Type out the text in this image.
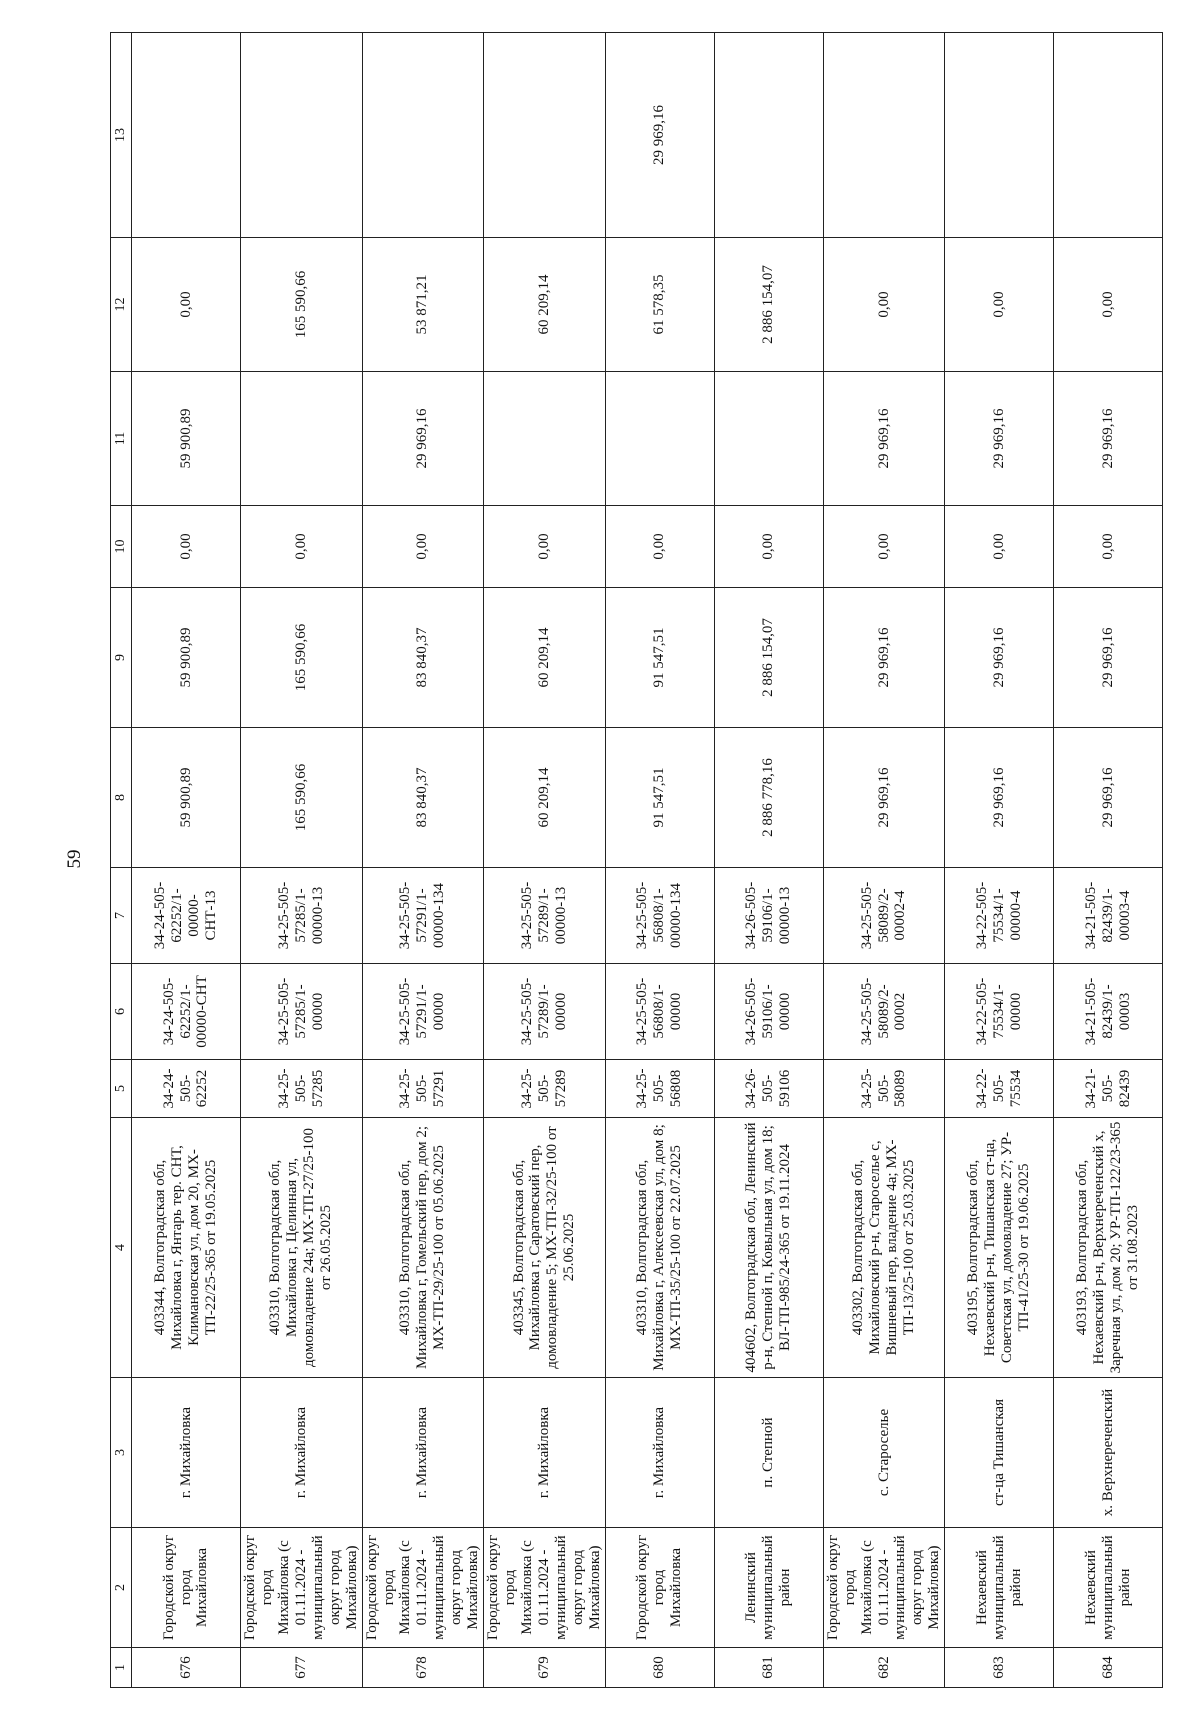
59
1	2	3	4	5	6	7	8	9	10	11	12	13
676	Городской округ город Михайловка	г. Михайловка	403344, Волгоградская обл, Михайловка г, Янтарь тер. СНТ, Климановская ул, дом 20, МХ-ТП-22/25-365 от 19.05.2025	34-24-505-62252	34-24-505-62252/1-00000-СНТ	34-24-505-62252/1-00000-СНТ-13	59 900,89	59 900,89	0,00	59 900,89	0,00	
677	Городской округ город Михайловка (с 01.11.2024 - муниципальный округ город Михайловка)	г. Михайловка	403310, Волгоградская обл, Михайловка г, Целинная ул, домовладение 24а; МХ-ТП-27/25-100 от 26.05.2025	34-25-505-57285	34-25-505-57285/1-00000	34-25-505-57285/1-00000-13	165 590,66	165 590,66	0,00		165 590,66	
678	Городской округ город Михайловка (с 01.11.2024 - муниципальный округ город Михайловка)	г. Михайловка	403310, Волгоградская обл, Михайловка г, Гомельский пер, дом 2; МХ-ТП-29/25-100 от 05.06.2025	34-25-505-57291	34-25-505-57291/1-00000	34-25-505-57291/1-00000-134	83 840,37	83 840,37	0,00	29 969,16	53 871,21	
679	Городской округ город Михайловка (с 01.11.2024 - муниципальный округ город Михайловка)	г. Михайловка	403345, Волгоградская обл, Михайловка г, Саратовский пер, домовладение 5; МХ-ТП-32/25-100 от 25.06.2025	34-25-505-57289	34-25-505-57289/1-00000	34-25-505-57289/1-00000-13	60 209,14	60 209,14	0,00		60 209,14	
680	Городской округ город Михайловка	г. Михайловка	403310, Волгоградская обл, Михайловка г, Алексеевская ул, дом 8; МХ-ТП-35/25-100 от 22.07.2025	34-25-505-56808	34-25-505-56808/1-00000	34-25-505-56808/1-00000-134	91 547,51	91 547,51	0,00		61 578,35	29 969,16
681	Ленинский муниципальный район	п. Степной	404602, Волгоградская обл, Ленинский р-н, Степной п, Ковыльная ул, дом 18; ВЛ-ТП-985/24-365 от 19.11.2024	34-26-505-59106	34-26-505-59106/1-00000	34-26-505-59106/1-00000-13	2 886 778,16	2 886 154,07	0,00		2 886 154,07	
682	Городской округ город Михайловка (с 01.11.2024 - муниципальный округ город Михайловка)	с. Староселье	403302, Волгоградская обл, Михайловский р-н, Староселье с, Вишневый пер, владение 4а; МХ-ТП-13/25-100 от 25.03.2025	34-25-505-58089	34-25-505-58089/2-00002	34-25-505-58089/2-00002-4	29 969,16	29 969,16	0,00	29 969,16	0,00	
683	Нехаевский муниципальный район	ст-ца Тишанская	403195, Волгоградская обл, Нехаевский р-н, Тишанская ст-ца, Советская ул, домовладение 27; УР-ТП-41/25-30 от 19.06.2025	34-22-505-75534	34-22-505-75534/1-00000	34-22-505-75534/1-00000-4	29 969,16	29 969,16	0,00	29 969,16	0,00	
684	Нехаевский муниципальный район	х. Верхнереченский	403193, Волгоградская обл, Нехаевский р-н, Верхнереченский х, Заречная ул, дом 20; УР-ТП-122/23-365 от 31.08.2023	34-21-505-82439	34-21-505-82439/1-00003	34-21-505-82439/1-00003-4	29 969,16	29 969,16	0,00	29 969,16	0,00	
